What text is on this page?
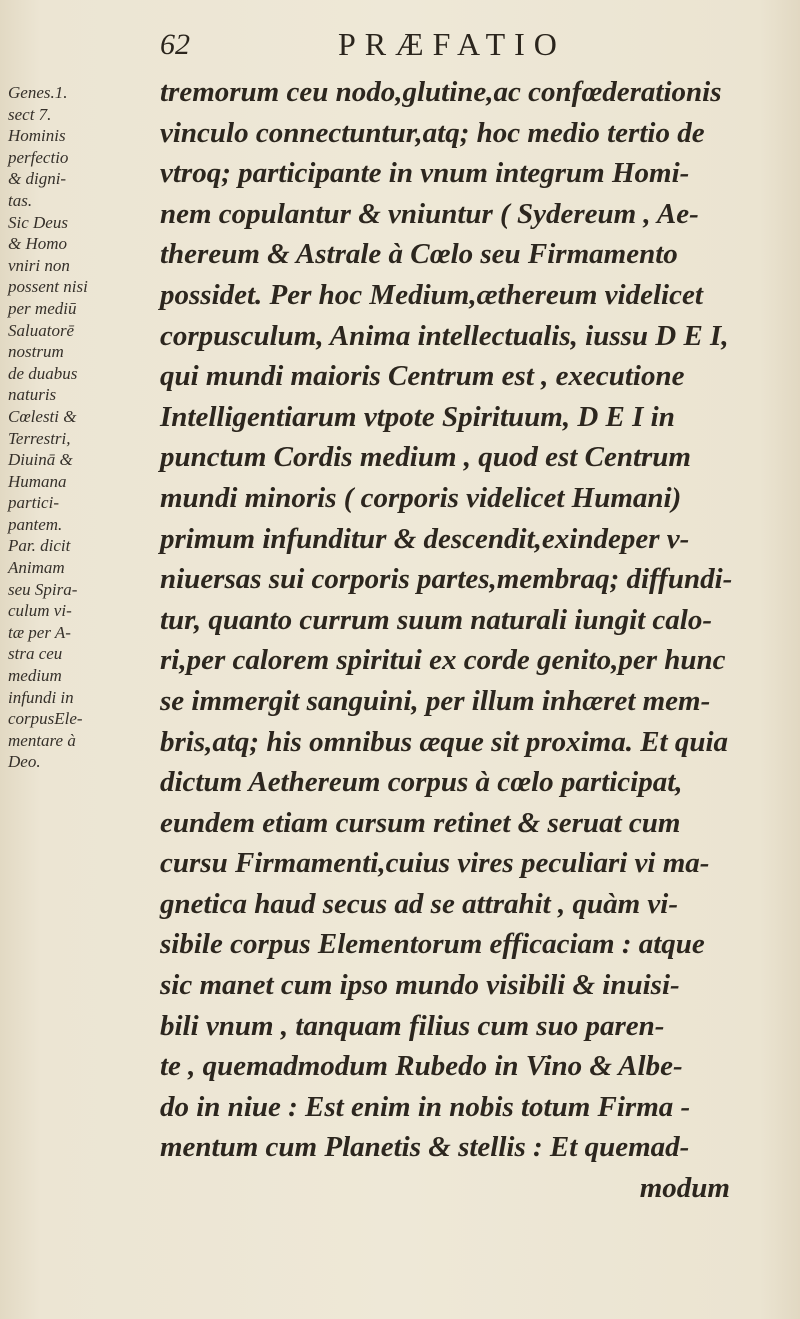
62	PRÆFATIO
Genes.1.
sect 7.
Hominis
perfectio
& digni-
tas.
Sic Deus
& Homo
vniri non
possent nisi
per mediū
Saluatorē
nostrum
de duabus
naturis
Cœlesti &
Terrestri,
Diuinā &
Humana
partici-
pantem.
Par. dicit
Animam
seu Spira-
culum vi-
tæ per A-
stra ceu
medium
infundi in
corpusEle-
mentare à
Deo.
tremorum ceu nodo,glutine,ac confœderationis
vinculo connectuntur,atq; hoc medio tertio de
vtroq; participante in vnum integrum Homi-
nem copulantur & vniuntur ( Sydereum , Ae-
thereum & Astrale à Cœlo seu Firmamento
possidet. Per hoc Medium,æthereum videlicet
corpusculum, Anima intellectualis, iussu D E I,
qui mundi maioris Centrum est , executione
Intelligentiarum vtpote Spirituum, D E I in
punctum Cordis medium , quod est Centrum
mundi minoris ( corporis videlicet Humani)
primum infunditur & descendit,exindeper v-
niuersas sui corporis partes,membraq; diffundi-
tur, quanto currum suum naturali iungit calo-
ri,per calorem spiritui ex corde genito,per hunc
se immergit sanguini, per illum inhæret mem-
bris,atq; his omnibus æque sit proxima. Et quia
dictum Aethereum corpus à cœlo participat,
eundem etiam cursum retinet & seruat cum
cursu Firmamenti,cuius vires peculiari vi ma-
gnetica haud secus ad se attrahit , quàm vi-
sibile corpus Elementorum efficaciam : atque
sic manet cum ipso mundo visibili & inuisi-
bili vnum , tanquam filius cum suo paren-
te , quemadmodum Rubedo in Vino & Albe-
do in niue : Est enim in nobis totum Firma -
mentum cum Planetis & stellis : Et quemad-
modum
